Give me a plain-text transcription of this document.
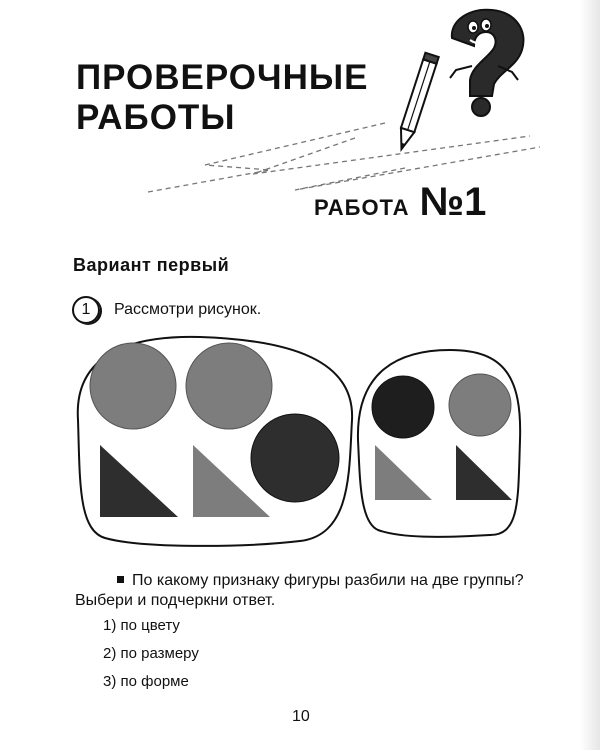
ПРОВЕРОЧНЫЕ
РАБОТЫ
РАБОТА №1
Вариант первый
1	Рассмотри рисунок.
По какому признаку фигуры разбили на две группы? Выбери и подчеркни ответ.
1) по цвету
2) по размеру
3) по форме
10
